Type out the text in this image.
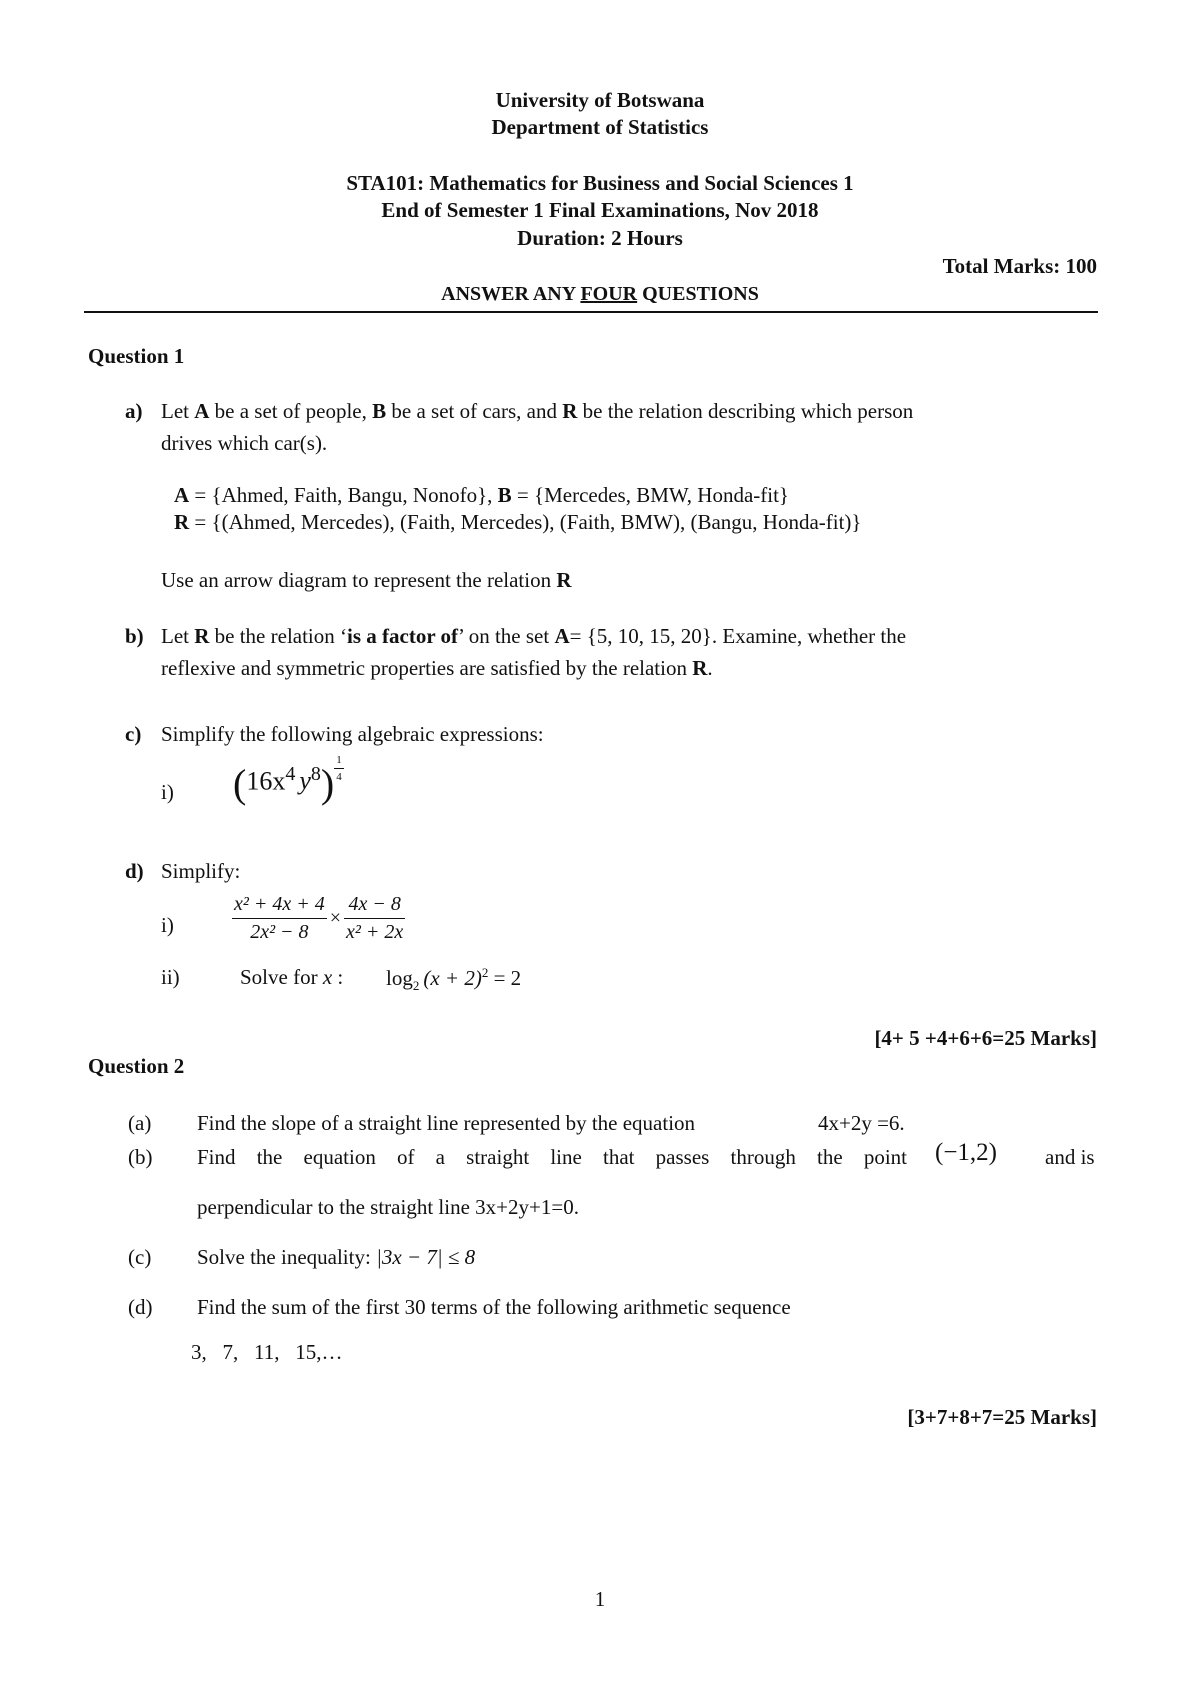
University of Botswana
Department of Statistics
STA101: Mathematics for Business and Social Sciences 1
End of Semester 1 Final Examinations, Nov 2018
Duration: 2 Hours
Total Marks: 100
ANSWER ANY FOUR QUESTIONS
Question 1
a) Let A be a set of people, B be a set of cars, and R be the relation describing which person
drives which car(s).
A = {Ahmed, Faith, Bangu, Nonofo}, B = {Mercedes, BMW, Honda-fit}
R = {(Ahmed, Mercedes), (Faith, Mercedes), (Faith, BMW), (Bangu, Honda-fit)}
Use an arrow diagram to represent the relation R
b) Let R be the relation ‘is a factor of’ on the set A= {5, 10, 15, 20}. Examine, whether the
reflexive and symmetric properties are satisfied by the relation R.
c) Simplify the following algebraic expressions:
i) ($16x^4$ $y^8) \frac{1}{4}$
d) Simplify:
i)	$\frac{\text{x² + 4x + 4}}{\text{2x² − 8}} \times \frac{4x - 8}{\text{x² + 2x}}$
ii)	Solve for x : $\log_2 (x + 2)^2 = 2$
[4+ 5 +4+6+6=25 Marks]
Question 2
(a) Find the slope of a straight line represented by the equation	4x+2y =6.
(b) Find the equation of a straight line that passes through the point (−1,2) and is
perpendicular to the straight line 3x+2y+1=0.
(c) Solve the inequality: |3x − 7| ≤ 8
(d) Find the sum of the first 30 terms of the following arithmetic sequence
3,   7,   11,   15,…
[3+7+8+7=25 Marks]
1
